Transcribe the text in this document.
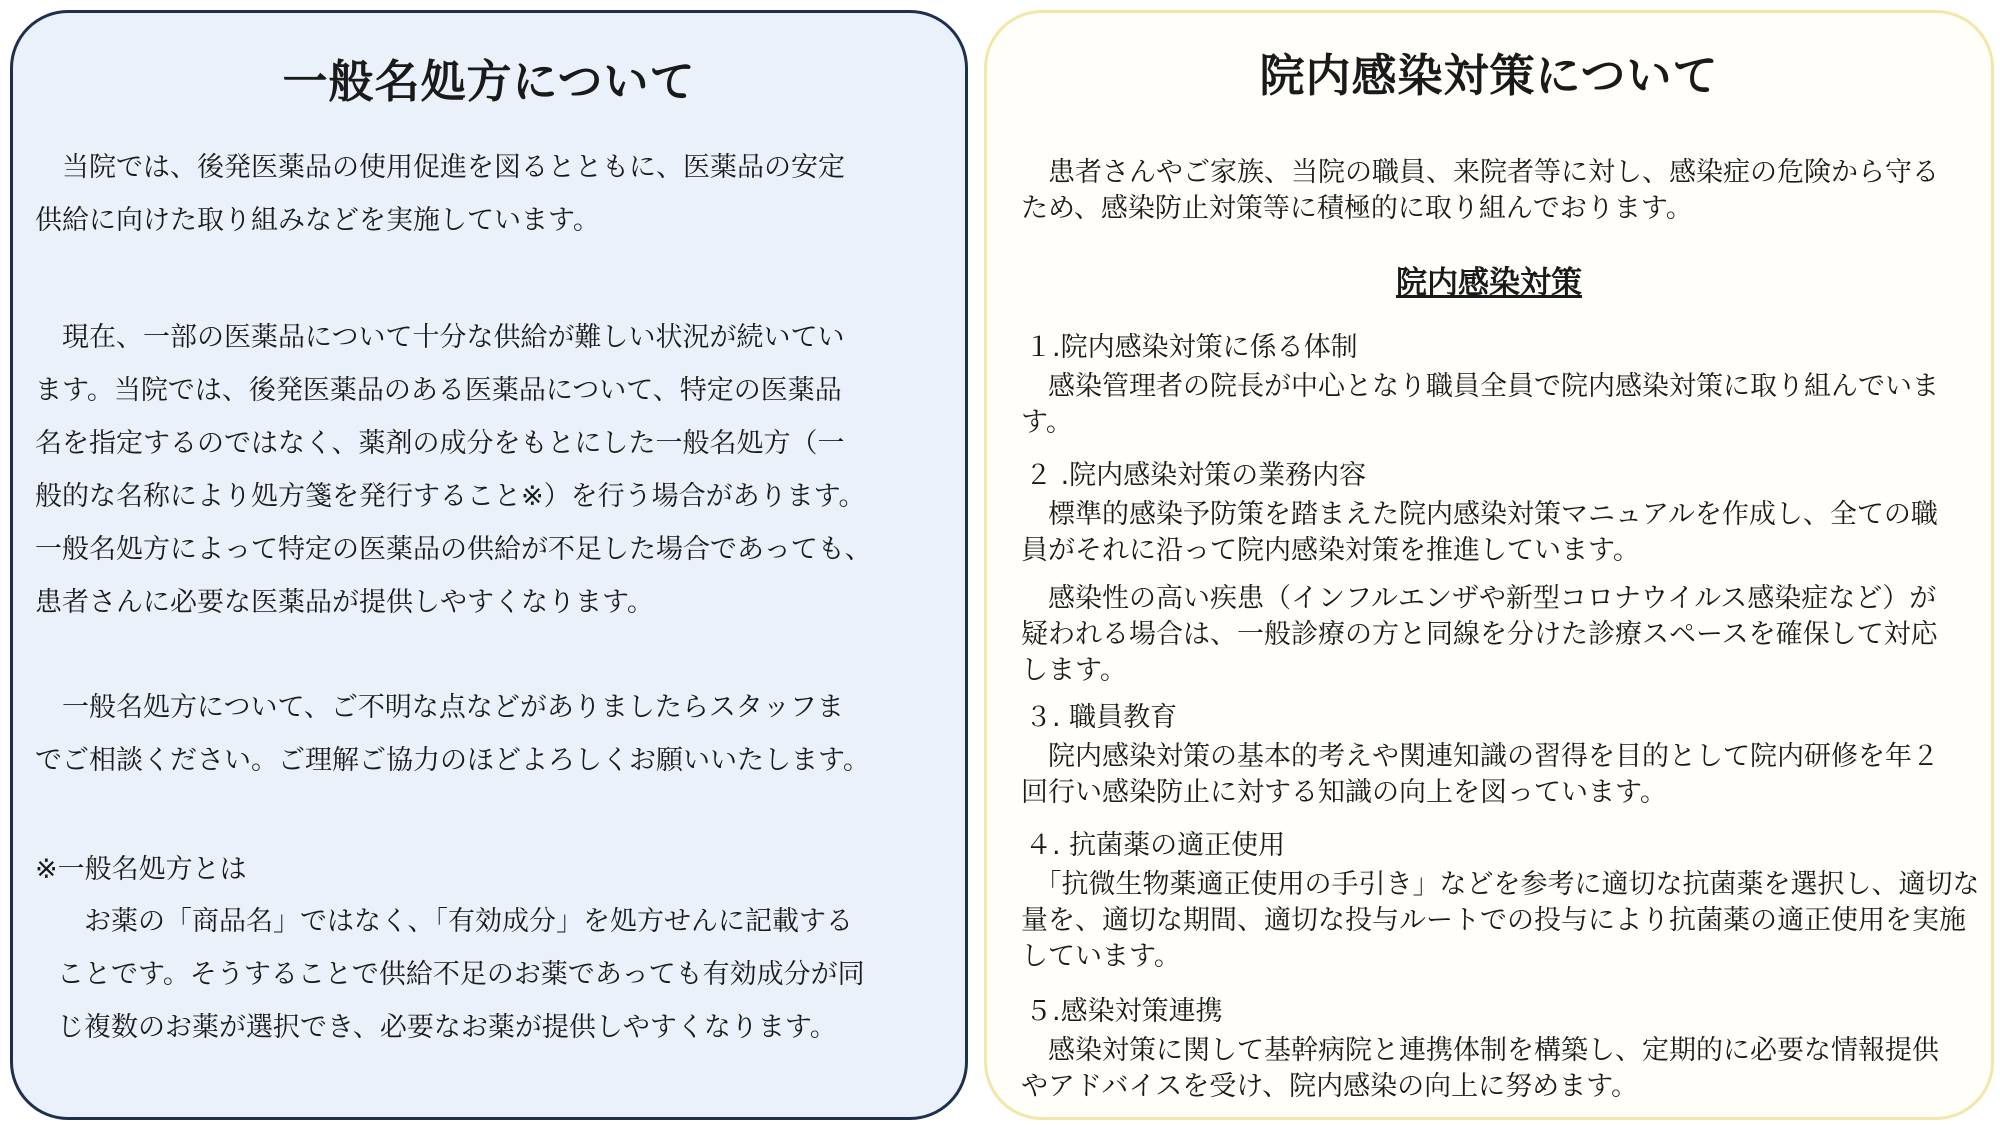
一般名処方について
　当院では、後発医薬品の使用促進を図るとともに、医薬品の安定
供給に向けた取り組みなどを実施しています。
　現在、一部の医薬品について十分な供給が難しい状況が続いてい
ます。当院では、後発医薬品のある医薬品について、特定の医薬品
名を指定するのではなく、薬剤の成分をもとにした一般名処方（一
般的な名称により処方箋を発行すること※）を行う場合があります。
一般名処方によって特定の医薬品の供給が不足した場合であっても、
患者さんに必要な医薬品が提供しやすくなります。
　一般名処方について、ご不明な点などがありましたらスタッフま
でご相談ください。ご理解ご協力のほどよろしくお願いいたします。
※一般名処方とは
　お薬の「商品名」ではなく、「有効成分」を処方せんに記載する
ことです。そうすることで供給不足のお薬であっても有効成分が同
じ複数のお薬が選択でき、必要なお薬が提供しやすくなります。
院内感染対策について

　患者さんやご家族、当院の職員、来院者等に対し、感染症の危険から守るため、感染防止対策等に積極的に取り組んでおります。

院内感染対策

１.院内感染対策に係る体制

　感染管理者の院長が中心となり職員全員で院内感染対策に取り組んでいます。

２ .院内感染対策の業務内容

　標準的感染予防策を踏まえた院内感染対策マニュアルを作成し、全ての職員がそれに沿って院内感染対策を推進しています。

　感染性の高い疾患（インフルエンザや新型コロナウイルス感染症など）が疑われる場合は、一般診療の方と同線を分けた診療スペースを確保して対応します。

３. 職員教育

　院内感染対策の基本的考えや関連知識の習得を目的として院内研修を年２回行い感染防止に対する知識の向上を図っています。

４. 抗菌薬の適正使用

　「抗微生物薬適正使用の手引き」などを参考に適切な抗菌薬を選択し、適切な量を、適切な期間、適切な投与ルートでの投与により抗菌薬の適正使用を実施しています。

５.感染対策連携

　感染対策に関して基幹病院と連携体制を構築し、定期的に必要な情報提供やアドバイスを受け、院内感染の向上に努めます。
